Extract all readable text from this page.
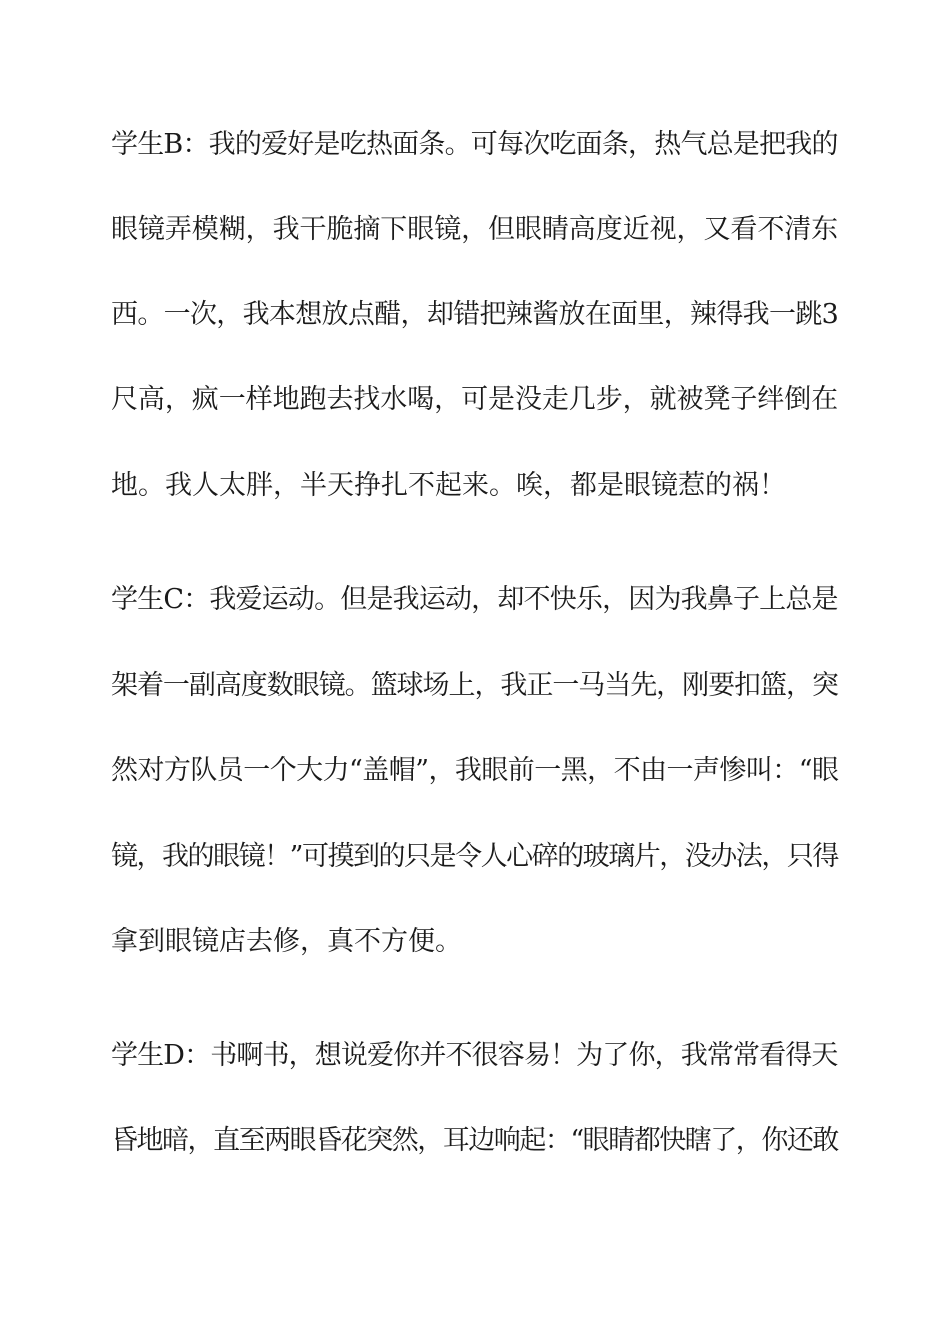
学生B：我的爱好是吃热面条。可每次吃面条，热气总是把我的
眼镜弄模糊，我干脆摘下眼镜，但眼睛高度近视，又看不清东
西。一次，我本想放点醋，却错把辣酱放在面里，辣得我一跳3
尺高，疯一样地跑去找水喝，可是没走几步，就被凳子绊倒在
地。我人太胖，半天挣扎不起来。唉，都是眼镜惹的祸！
学生C：我爱运动。但是我运动，却不快乐，因为我鼻子上总是
架着一副高度数眼镜。篮球场上，我正一马当先，刚要扣篮，突
然对方队员一个大力“盖帽”，我眼前一黑，不由一声惨叫：“眼
镜，我的眼镜！”可摸到的只是令人心碎的玻璃片，没办法，只得
拿到眼镜店去修，真不方便。
学生D：书啊书，想说爱你并不很容易！为了你，我常常看得天
昏地暗，直至两眼昏花突然，耳边响起：“眼睛都快瞎了，你还敢
